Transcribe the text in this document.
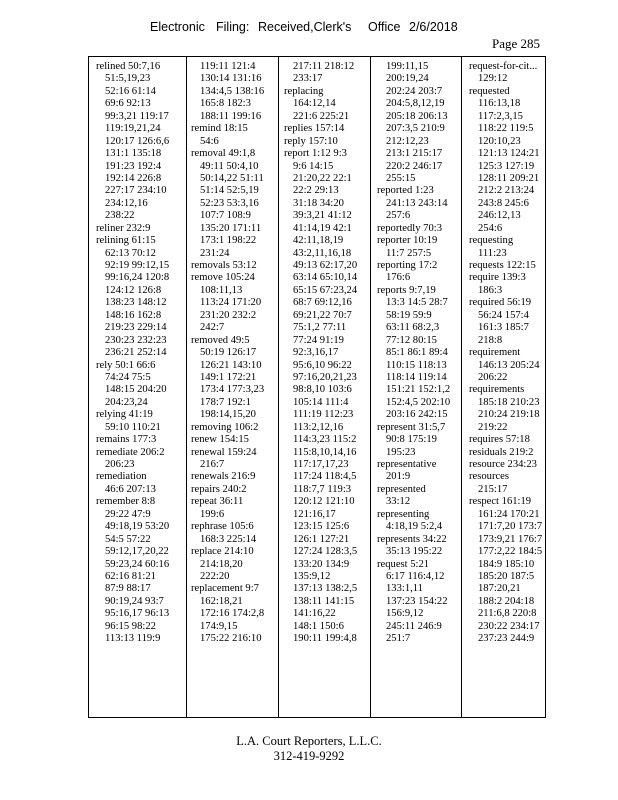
Electronic Filing: Received,Clerk's Office 2/6/2018
Page 285
relined 50:7,16
51:5,19,23
52:16 61:14
69:6 92:13
99:3,21 119:17
119:19,21,24
120:17 126:6,6
131:1 135:18
191:23 192:4
192:14 226:8
227:17 234:10
234:12,16
238:22
reliner 232:9
relining 61:15
62:13 70:12
92:19 99:12,15
99:16,24 120:8
124:12 126:8
138:23 148:12
148:16 162:8
219:23 229:14
230:23 232:23
236:21 252:14
rely 50:1 66:6
74:24 75:5
148:15 204:20
204:23,24
relying 41:19
59:10 110:21
remains 177:3
remediate 206:2
206:23
remediation
46:6 207:13
remember 8:8
29:22 47:9
49:18,19 53:20
54:5 57:22
59:12,17,20,22
59:23,24 60:16
62:16 81:21
87:9 88:17
90:19,24 93:7
95:16,17 96:13
96:15 98:22
113:13 119:9
119:11 121:4
130:14 131:16
134:4,5 138:16
165:8 182:3
188:11 199:16
remind 18:15
54:6
removal 49:1,8
49:11 50:4,10
50:14,22 51:11
51:14 52:5,19
52:23 53:3,16
107:7 108:9
135:20 171:11
173:1 198:22
231:24
removals 53:12
remove 105:24
108:11,13
113:24 171:20
231:20 232:2
242:7
removed 49:5
50:19 126:17
126:21 143:10
149:1 172:21
173:4 177:3,23
178:7 192:1
198:14,15,20
removing 106:2
renew 154:15
renewal 159:24
216:7
renewals 216:9
repairs 240:2
repeat 36:11
199:6
rephrase 105:6
168:3 225:14
replace 214:10
214:18,20
222:20
replacement 9:7
162:18,21
172:16 174:2,8
174:9,15
175:22 216:10
217:11 218:12
233:17
replacing
164:12,14
221:6 225:21
replies 157:14
reply 157:10
report 1:12 9:3
9:6 14:15
21:20,22 22:1
22:2 29:13
31:18 34:20
39:3,21 41:12
41:14,19 42:1
42:11,18,19
43:2,11,16,18
49:13 62:17,20
63:14 65:10,14
65:15 67:23,24
68:7 69:12,16
69:21,22 70:7
75:1,2 77:11
77:24 91:19
92:3,16,17
95:6,10 96:22
97:16,20,21,23
98:8,10 103:6
105:14 111:4
111:19 112:23
113:2,12,16
114:3,23 115:2
115:8,10,14,16
117:17,17,23
117:24 118:4,5
118:7,7 119:3
120:12 121:10
121:16,17
123:15 125:6
126:1 127:21
127:24 128:3,5
133:20 134:9
135:9,12
137:13 138:2,5
138:11 141:15
141:16,22
148:1 150:6
190:11 199:4,8
199:11,15
200:19,24
202:24 203:7
204:5,8,12,19
205:18 206:13
207:3,5 210:9
212:12,23
213:1 215:17
220:2 246:17
255:15
reported 1:23
241:13 243:14
257:6
reportedly 70:3
reporter 10:19
11:7 257:5
reporting 17:2
176:6
reports 9:7,19
13:3 14:5 28:7
58:19 59:9
63:11 68:2,3
77:12 80:15
85:1 86:1 89:4
110:15 118:13
118:14 119:14
151:21 152:1,2
152:4,5 202:10
203:16 242:15
represent 31:5,7
90:8 175:19
195:23
representative
201:9
represented
33:12
representing
4:18,19 5:2,4
represents 34:22
35:13 195:22
request 5:21
6:17 116:4,12
133:1,11
137:23 154:22
156:9,12
245:11 246:9
251:7
request-for-cit...
129:12
requested
116:13,18
117:2,3,15
118:22 119:5
120:10,23
121:13 124:21
125:3 127:19
128:11 209:21
212:2 213:24
243:8 245:6
246:12,13
254:6
requesting
111:23
requests 122:15
require 139:3
186:3
required 56:19
56:24 157:4
161:3 185:7
218:8
requirement
146:13 205:24
206:22
requirements
185:18 210:23
210:24 219:18
219:22
requires 57:18
residuals 219:2
resource 234:23
resources
215:17
respect 161:19
161:24 170:21
171:7,20 173:7
173:9,21 176:7
177:2,22 184:5
184:9 185:10
185:20 187:5
187:20,21
188:2 204:18
211:6,8 220:8
230:22 234:17
237:23 244:9
L.A. Court Reporters, L.L.C.
312-419-9292
